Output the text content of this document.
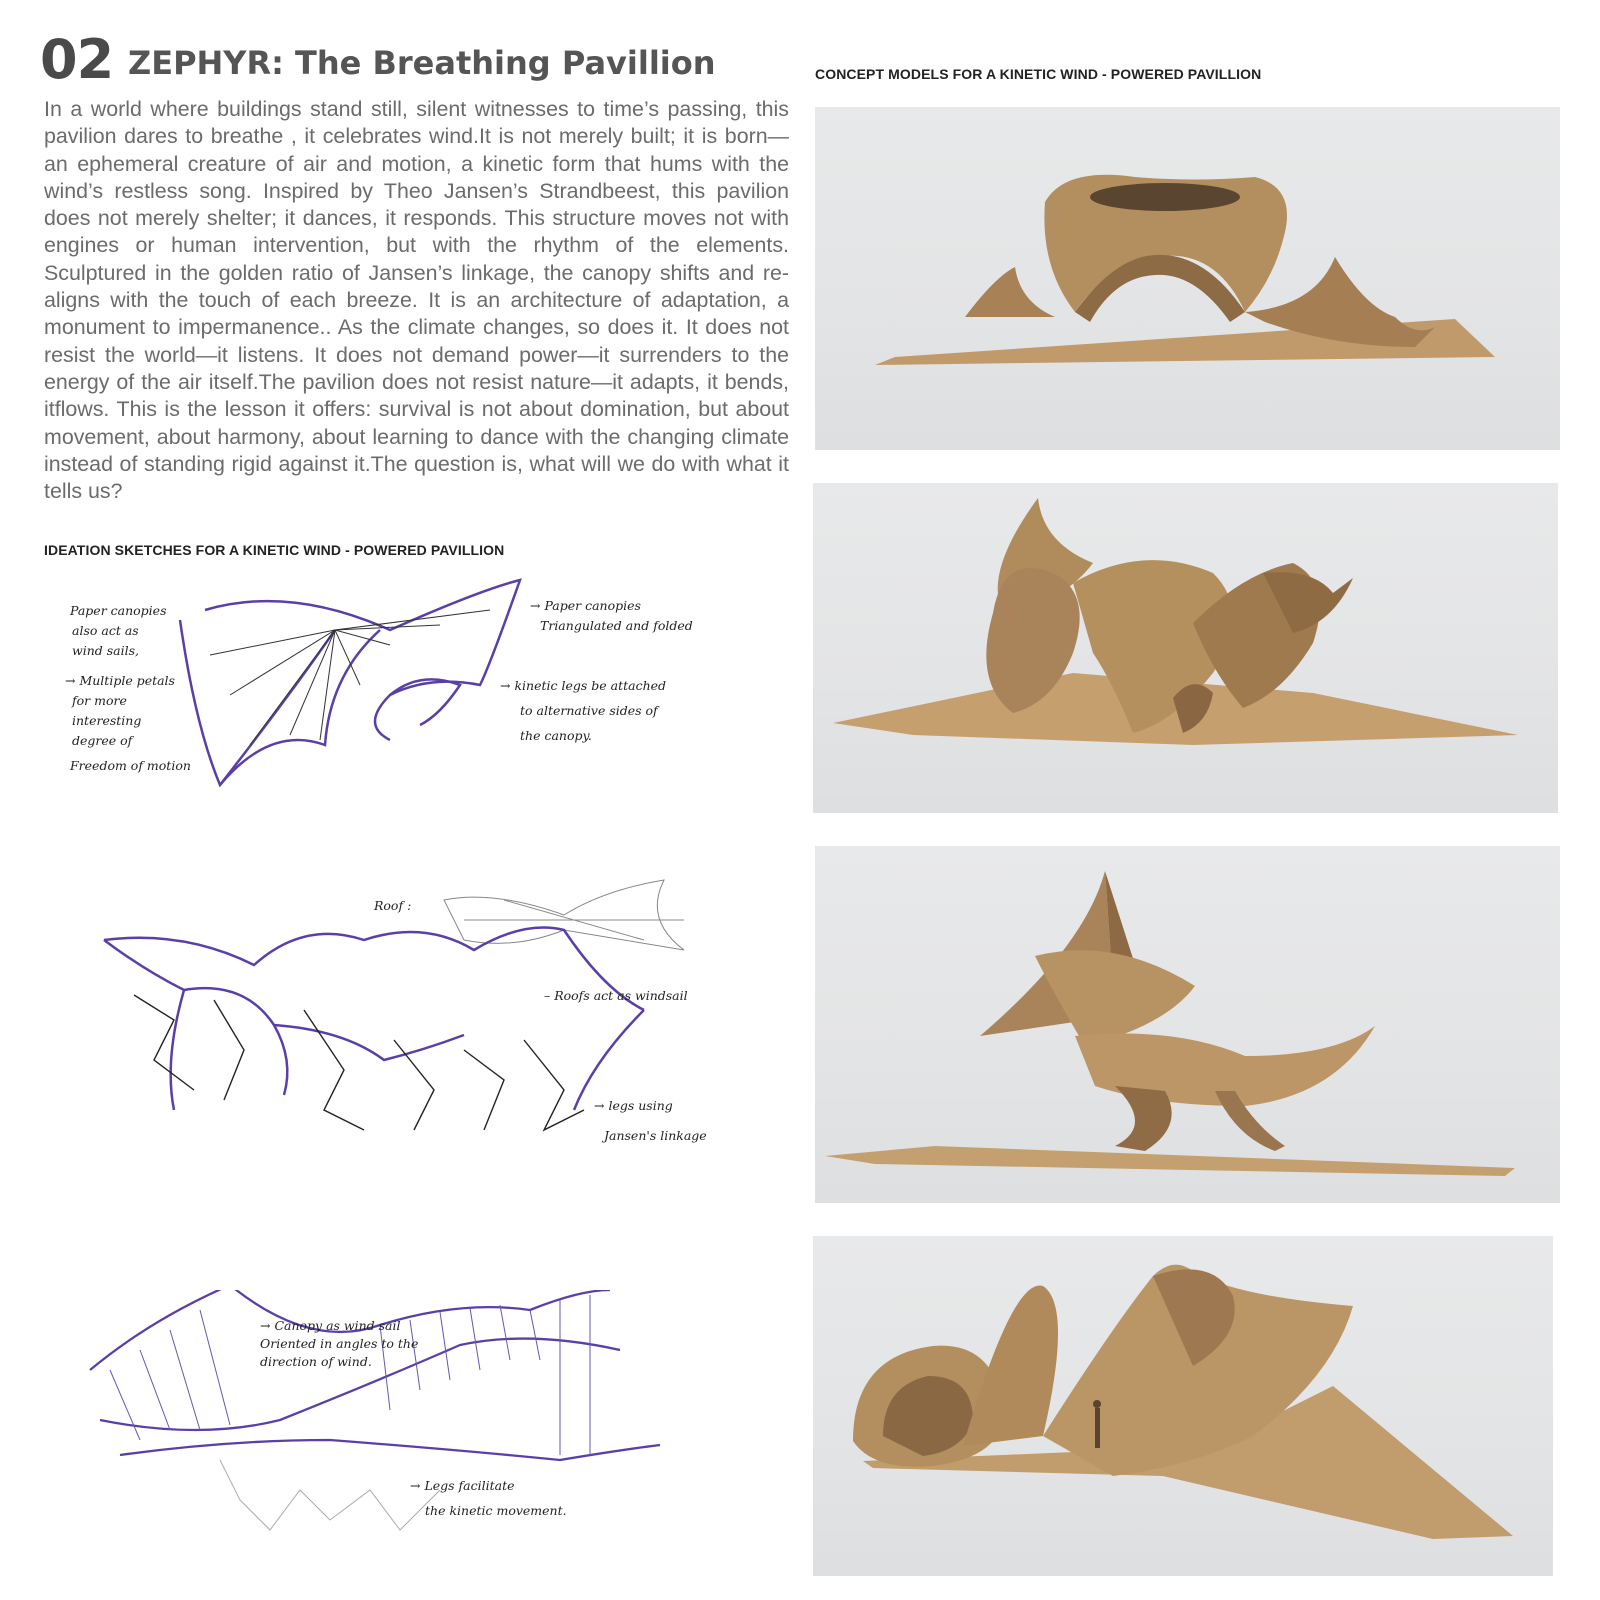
02 ZEPHYR: The Breathing Pavillion
In a world where buildings stand still, silent witnesses to time’s passing, this pavilion dares to breathe , it celebrates wind.It is not merely built; it is born—an ephemeral creature of air and motion, a kinetic form that hums with the wind’s restless song. Inspired by Theo Jansen’s Strandbeest, this pavilion does not merely shelter; it dances, it responds. This structure moves not with engines or human intervention, but with the rhythm of the elements. Sculptured in the golden ratio of Jansen’s linkage, the canopy shifts and re-aligns with the touch of each breeze. It is an architecture of adaptation, a monument to impermanence.. As the climate changes, so does it. It does not resist the world—it listens. It does not demand power—it surrenders to the energy of the air itself.The pavilion does not resist nature—it adapts, it bends, itflows. This is the lesson it offers: survival is not about domination, but about movement, about harmony, about learning to dance with the changing climate instead of standing rigid against it.The question is, what will we do with what it tells us?
CONCEPT MODELS FOR A KINETIC WIND - POWERED PAVILLION
IDEATION SKETCHES FOR A KINETIC WIND - POWERED PAVILLION
Paper canopies
also act as
wind sails,
→ Multiple petals
for more
interesting
degree of
Freedom of motion
→ Paper canopies
Triangulated and folded
→ kinetic legs be attached
to alternative sides of
the canopy.
Roof :
– Roofs act as windsail
→ legs using
Jansen's linkage
→ Canopy as wind sail
Oriented in angles to the
direction of wind.
→ Legs facilitate
the kinetic movement.
